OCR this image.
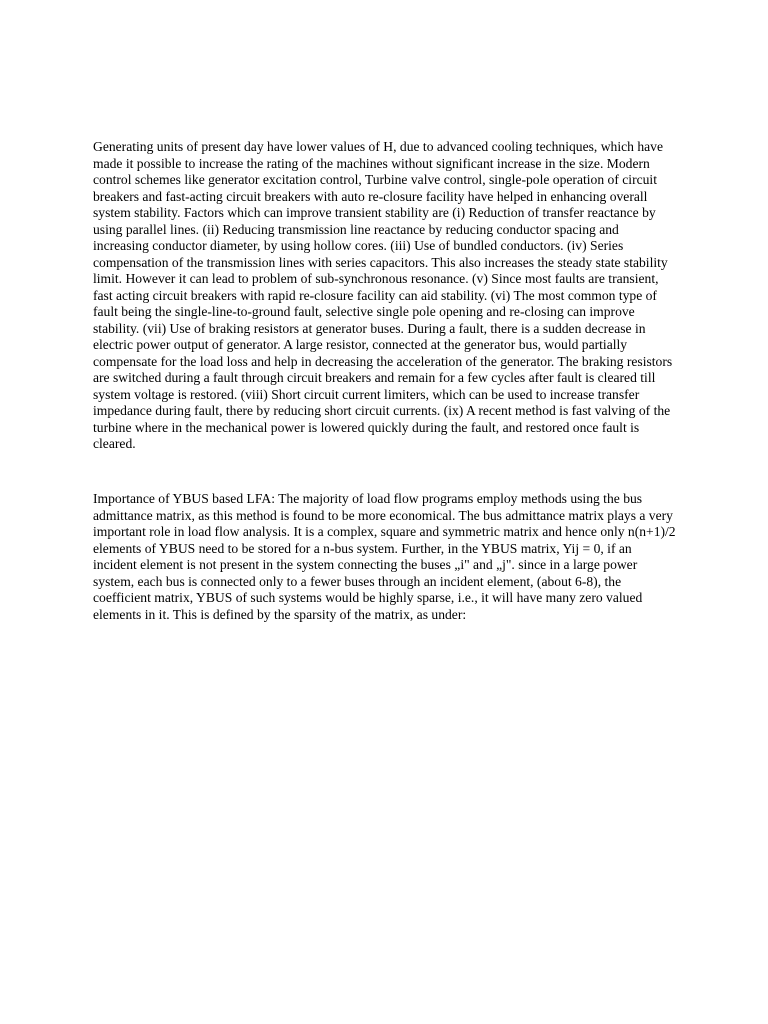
Generating units of present day have lower values of H, due to advanced cooling techniques, which have made it possible to increase the rating of the machines without significant increase in the size. Modern control schemes like generator excitation control, Turbine valve control, single-pole operation of circuit breakers and fast-acting circuit breakers with auto re-closure facility have helped in enhancing overall system stability. Factors which can improve transient stability are (i) Reduction of transfer reactance by using parallel lines. (ii) Reducing transmission line reactance by reducing conductor spacing and increasing conductor diameter, by using hollow cores. (iii) Use of bundled conductors. (iv) Series compensation of the transmission lines with series capacitors. This also increases the steady state stability limit. However it can lead to problem of sub-synchronous resonance. (v) Since most faults are transient, fast acting circuit breakers with rapid re-closure facility can aid stability. (vi) The most common type of fault being the single-line-to-ground fault, selective single pole opening and re-closing can improve stability. (vii) Use of braking resistors at generator buses. During a fault, there is a sudden decrease in electric power output of generator. A large resistor, connected at the generator bus, would partially compensate for the load loss and help in decreasing the acceleration of the generator. The braking resistors are switched during a fault through circuit breakers and remain for a few cycles after fault is cleared till system voltage is restored. (viii) Short circuit current limiters, which can be used to increase transfer impedance during fault, there by reducing short circuit currents. (ix) A recent method is fast valving of the turbine where in the mechanical power is lowered quickly during the fault, and restored once fault is cleared.

Importance of YBUS based LFA: The majority of load flow programs employ methods using the bus admittance matrix, as this method is found to be more economical. The bus admittance matrix plays a very important role in load flow analysis. It is a complex, square and symmetric matrix and hence only n(n+1)/2 elements of YBUS need to be stored for a n-bus system. Further, in the YBUS matrix, Yij = 0, if an incident element is not present in the system connecting the buses „i" and „j". since in a large power system, each bus is connected only to a fewer buses through an incident element, (about 6-8), the coefficient matrix, YBUS of such systems would be highly sparse, i.e., it will have many zero valued elements in it. This is defined by the sparsity of the matrix, as under:
